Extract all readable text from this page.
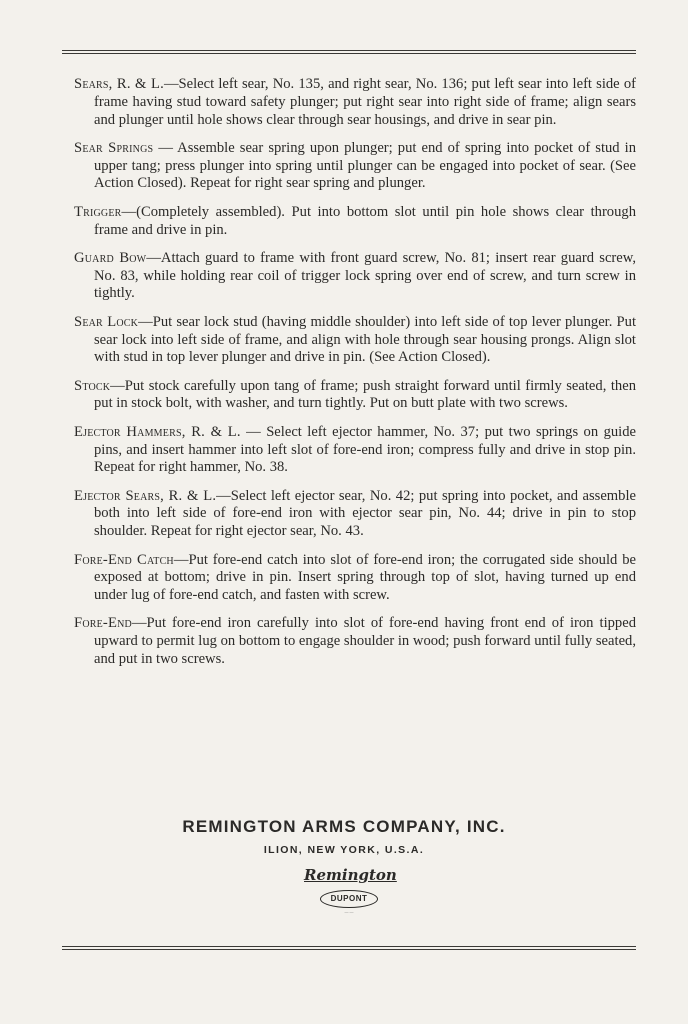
Sears, R. & L.—Select left sear, No. 135, and right sear, No. 136; put left sear into left side of frame having stud toward safety plunger; put right sear into right side of frame; align sears and plunger until hole shows clear through sear housings, and drive in sear pin.

Sear Springs — Assemble sear spring upon plunger; put end of spring into pocket of stud in upper tang; press plunger into spring until plunger can be engaged into pocket of sear. (See Action Closed). Repeat for right sear spring and plunger.

Trigger—(Completely assembled). Put into bottom slot until pin hole shows clear through frame and drive in pin.

Guard Bow—Attach guard to frame with front guard screw, No. 81; insert rear guard screw, No. 83, while holding rear coil of trigger lock spring over end of screw, and turn screw in tightly.

Sear Lock—Put sear lock stud (having middle shoulder) into left side of top lever plunger. Put sear lock into left side of frame, and align with hole through sear housing prongs. Align slot with stud in top lever plunger and drive in pin. (See Action Closed).

Stock—Put stock carefully upon tang of frame; push straight forward until firmly seated, then put in stock bolt, with washer, and turn tightly. Put on butt plate with two screws.

Ejector Hammers, R. & L. — Select left ejector hammer, No. 37; put two springs on guide pins, and insert hammer into left slot of fore-end iron; compress fully and drive in stop pin. Repeat for right hammer, No. 38.

Ejector Sears, R. & L.—Select left ejector sear, No. 42; put spring into pocket, and assemble both into left side of fore-end iron with ejector sear pin, No. 44; drive in pin to stop shoulder. Repeat for right ejector sear, No. 43.

Fore-End Catch—Put fore-end catch into slot of fore-end iron; the corrugated side should be exposed at bottom; drive in pin. Insert spring through top of slot, having turned up end under lug of fore-end catch, and fasten with screw.

Fore-End—Put fore-end iron carefully into slot of fore-end having front end of iron tipped upward to permit lug on bottom to engage shoulder in wood; push forward until fully seated, and put in two screws.

REMINGTON ARMS COMPANY, INC.
ILION, NEW YORK, U.S.A.
Remington
DUPONT
— —
